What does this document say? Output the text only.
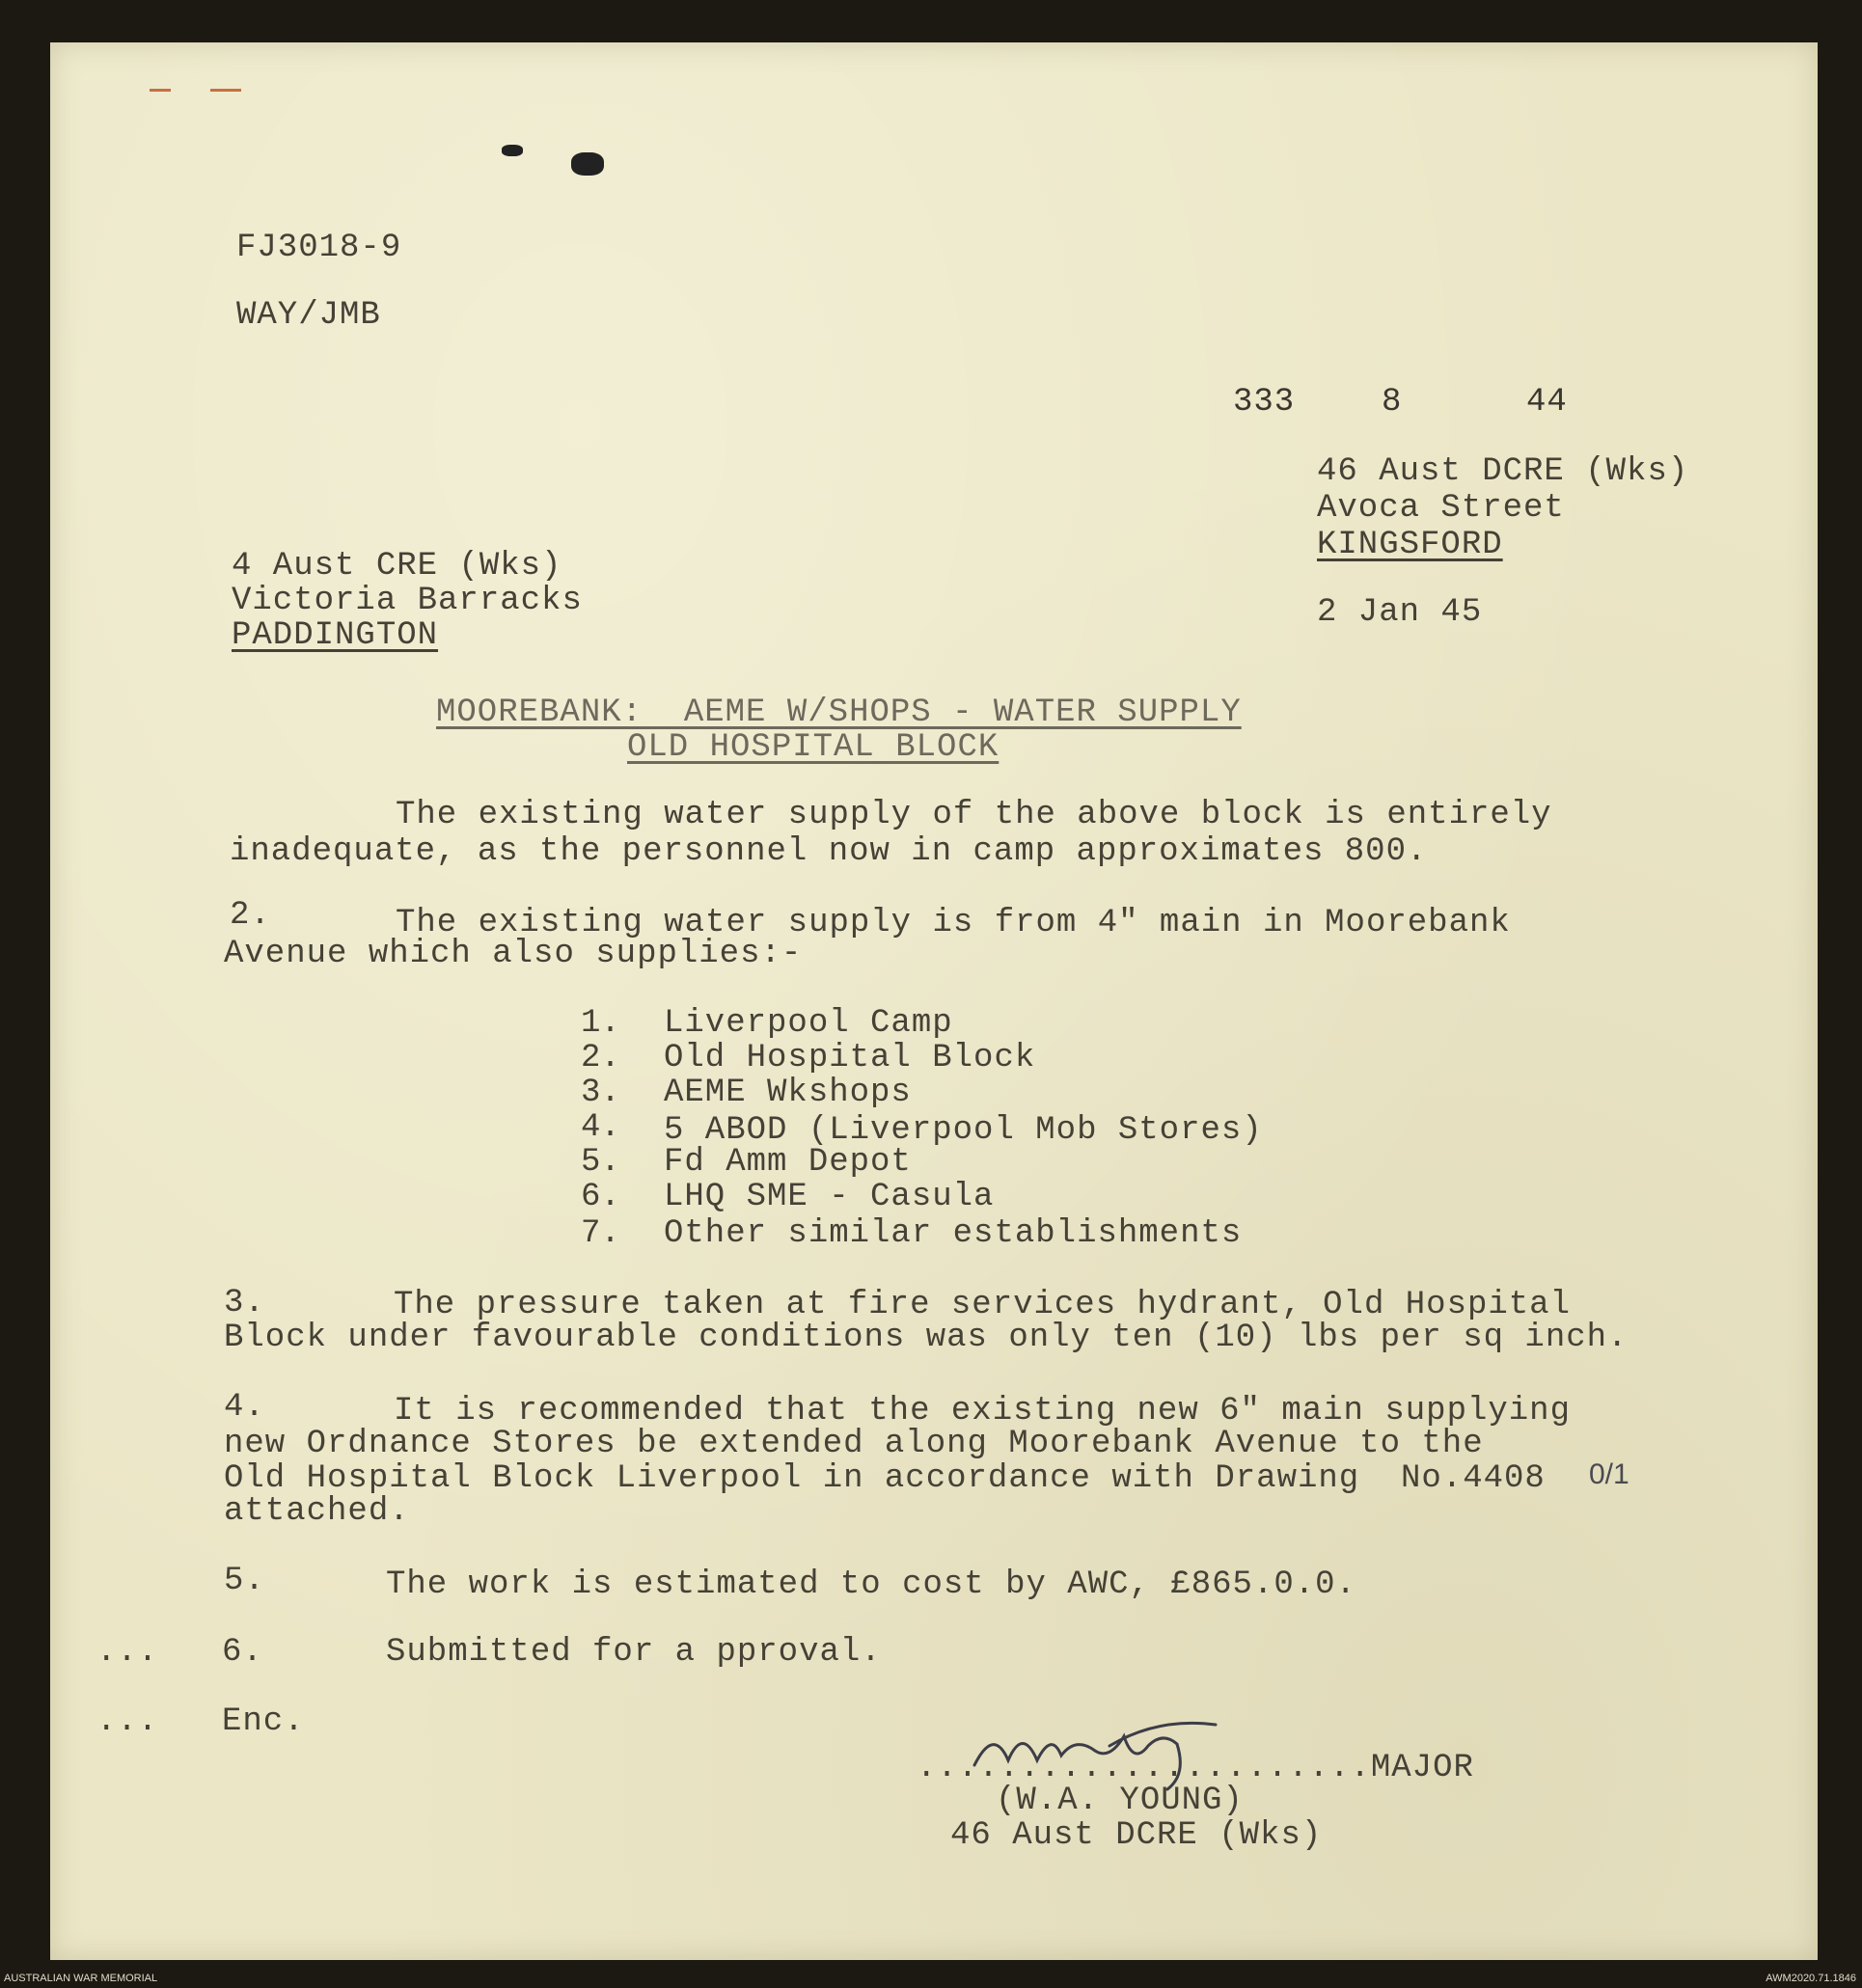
FJ3018-9
WAY/JMB
333	8	44
46 Aust DCRE (Wks)
Avoca Street
KINGSFORD
2 Jan 45
4 Aust CRE (Wks)
Victoria Barracks
PADDINGTON
MOOREBANK:  AEME W/SHOPS - WATER SUPPLY
OLD HOSPITAL BLOCK
The existing water supply of the above block is entirely
inadequate, as the personnel now in camp approximates 800.
2.	The existing water supply is from 4" main in Moorebank
Avenue which also supplies:-
1. Liverpool Camp
2. Old Hospital Block
3. AEME Wkshops
4. 5 ABOD (Liverpool Mob Stores)
5. Fd Amm Depot
6. LHQ SME - Casula
7. Other similar establishments
3.	The pressure taken at fire services hydrant, Old Hospital
Block under favourable conditions was only ten (10) lbs per sq inch.
4.	It is recommended that the existing new 6" main supplying
new Ordnance Stores be extended along Moorebank Avenue to the
Old Hospital Block Liverpool in accordance with Drawing  No.4408 0/1
attached.
5.	The work is estimated to cost by AWC, £865.0.0.
... 6.	Submitted for a pproval.
... Enc.
......................MAJOR
(W.A. YOUNG)
46 Aust DCRE (Wks)
AUSTRALIAN WAR MEMORIAL	AWM2020.71.1846
